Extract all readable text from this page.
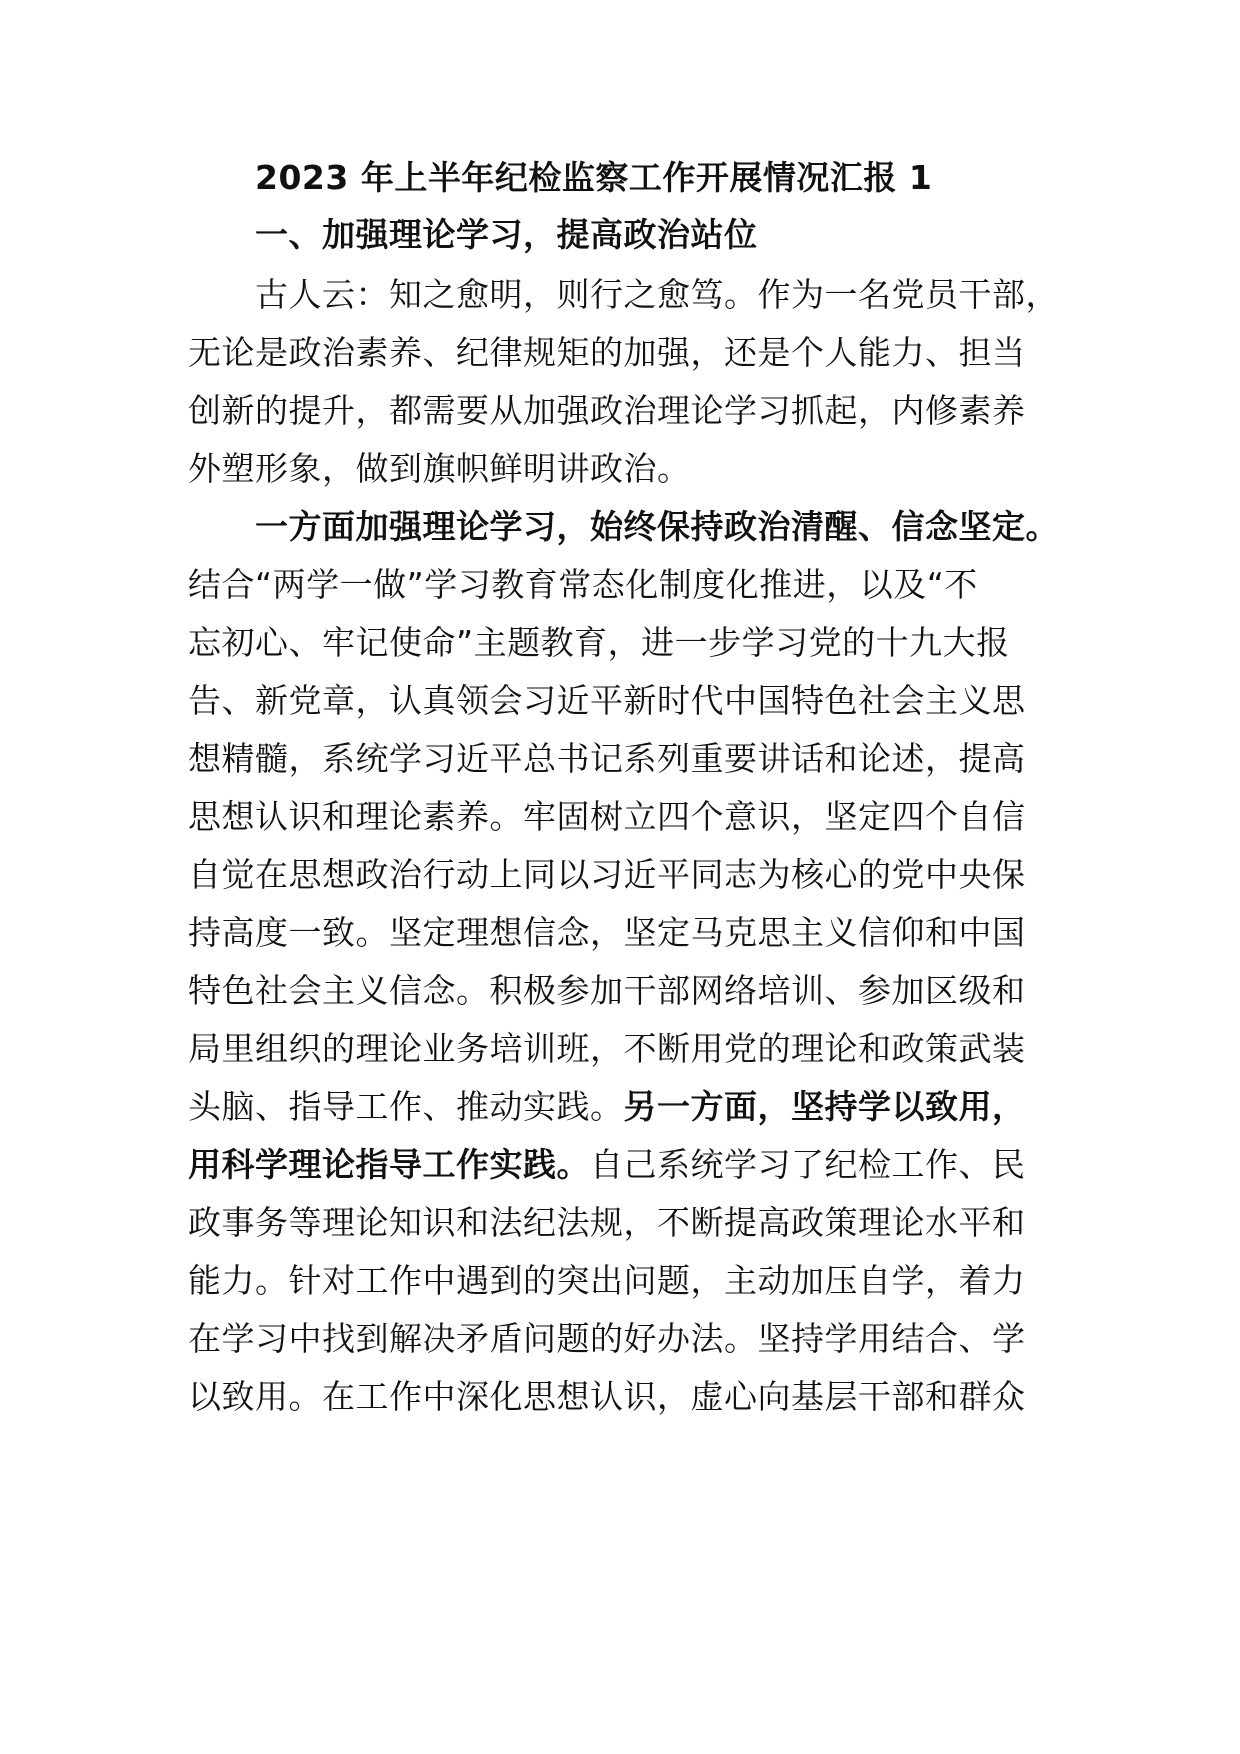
2023 年上半年纪检监察工作开展情况汇报 1

一、加强理论学习，提高政治站位

古人云：知之愈明，则行之愈笃。作为一名党员干部，

无论是政治素养、纪律规矩的加强，还是个人能力、担当

创新的提升，都需要从加强政治理论学习抓起，内修素养

外塑形象，做到旗帜鲜明讲政治。

一方面加强理论学习，始终保持政治清醒、信念坚定。

结合“两学一做”学习教育常态化制度化推进，以及“不

忘初心、牢记使命”主题教育，进一步学习党的十九大报

告、新党章，认真领会习近平新时代中国特色社会主义思

想精髓，系统学习近平总书记系列重要讲话和论述，提高

思想认识和理论素养。牢固树立四个意识，坚定四个自信

自觉在思想政治行动上同以习近平同志为核心的党中央保

持高度一致。坚定理想信念，坚定马克思主义信仰和中国

特色社会主义信念。积极参加干部网络培训、参加区级和

局里组织的理论业务培训班，不断用党的理论和政策武装

头脑、指导工作、推动实践。另一方面，坚持学以致用，

用科学理论指导工作实践。自己系统学习了纪检工作、民

政事务等理论知识和法纪法规，不断提高政策理论水平和

能力。针对工作中遇到的突出问题，主动加压自学，着力

在学习中找到解决矛盾问题的好办法。坚持学用结合、学

以致用。在工作中深化思想认识，虚心向基层干部和群众
